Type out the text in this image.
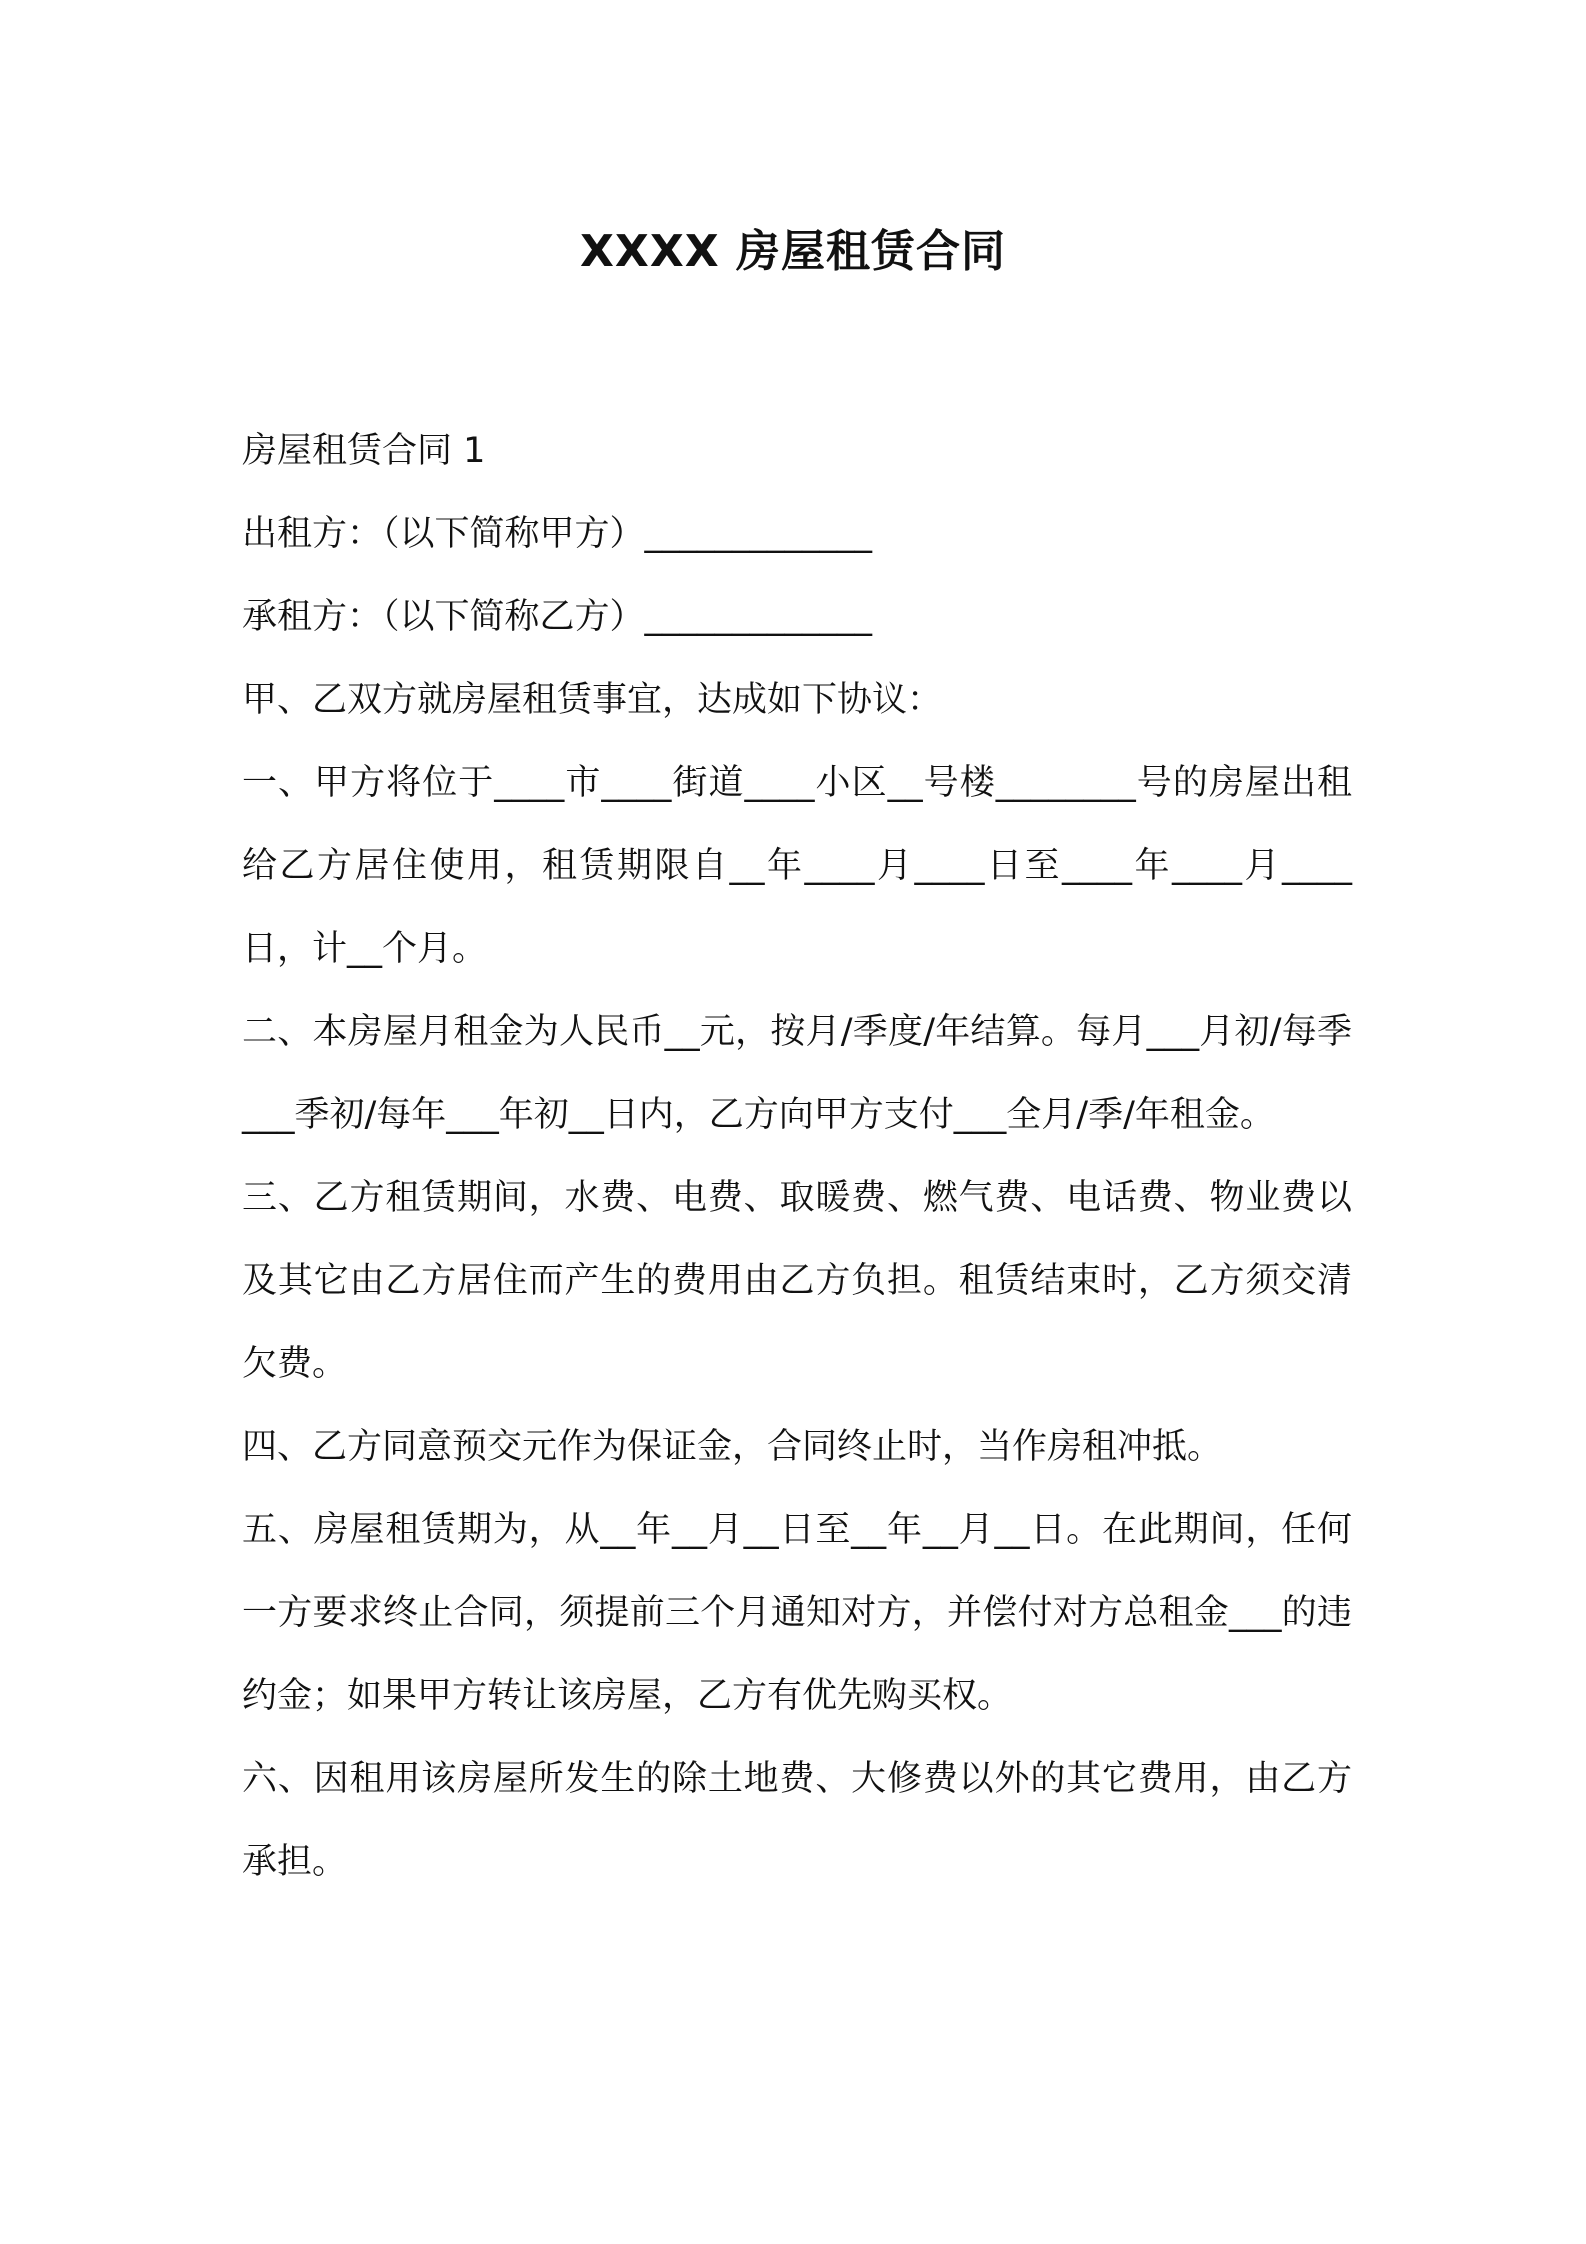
XXXX 房屋租赁合同

房屋租赁合同 1

出租方：（以下简称甲方）_____________

承租方：（以下简称乙方）_____________

甲、乙双方就房屋租赁事宜，达成如下协议：

一、甲方将位于____市____街道____小区__号楼________号的房屋出租给乙方居住使用，租赁期限自__年____月____日至____年____月____日，计__个月。

二、本房屋月租金为人民币__元，按月/季度/年结算。每月___月初/每季___季初/每年___年初__日内，乙方向甲方支付___全月/季/年租金。

三、乙方租赁期间，水费、电费、取暖费、燃气费、电话费、物业费以及其它由乙方居住而产生的费用由乙方负担。租赁结束时，乙方须交清欠费。

四、乙方同意预交元作为保证金，合同终止时，当作房租冲抵。

五、房屋租赁期为，从__年__月__日至__年__月__日。在此期间，任何一方要求终止合同，须提前三个月通知对方，并偿付对方总租金___的违约金；如果甲方转让该房屋，乙方有优先购买权。

六、因租用该房屋所发生的除土地费、大修费以外的其它费用，由乙方承担。
